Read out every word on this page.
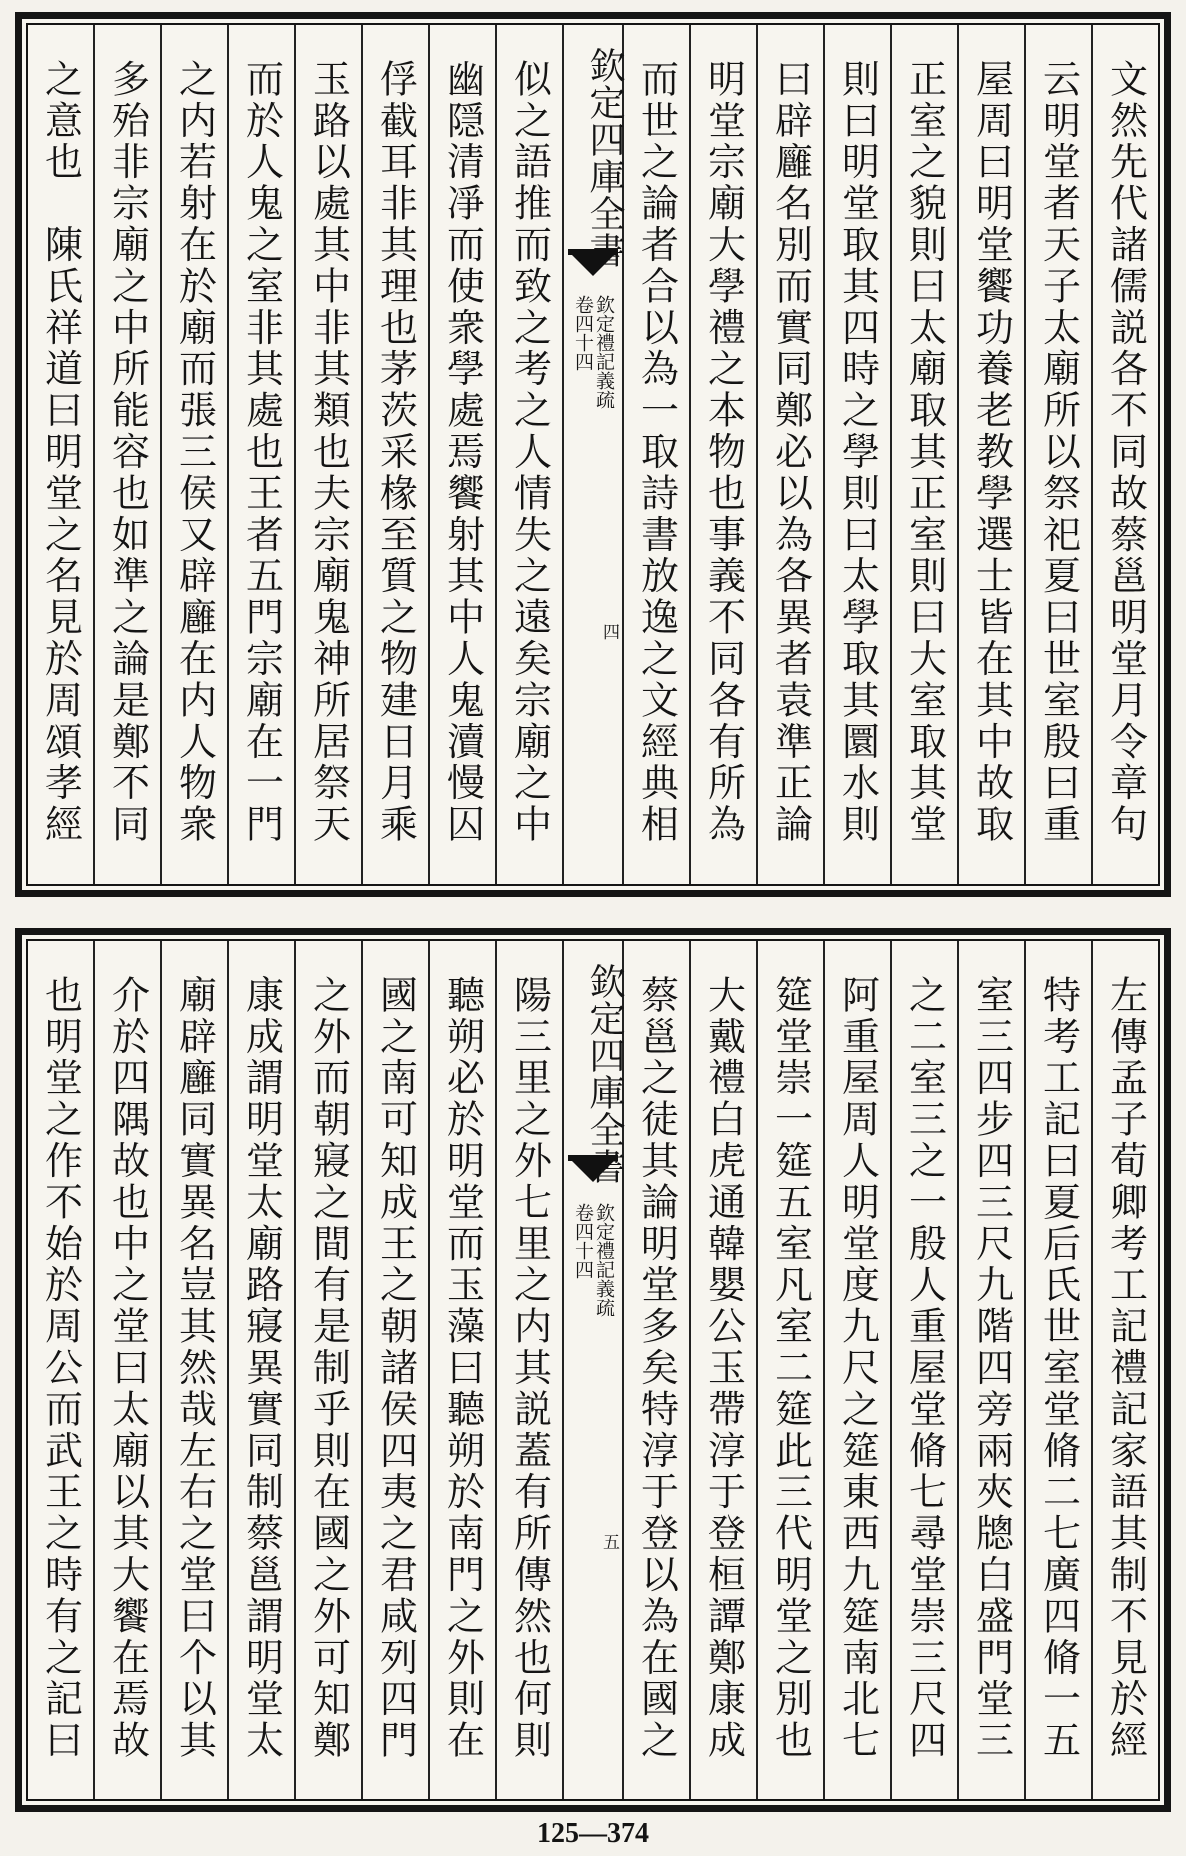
文然先代諸儒説各不同故蔡邕明堂月令章句
云明堂者天子太廟所以祭祀夏曰世室殷曰重
屋周曰明堂饗功養老教學選士皆在其中故取
正室之貌則曰太廟取其正室則曰大室取其堂
則曰明堂取其四時之學則曰太學取其圜水則
曰辟廱名別而實同鄭必以為各異者袁準正論
明堂宗廟大學禮之本物也事義不同各有所為
而世之論者合以為一取詩書放逸之文經典相
欽定四庫全書
欽定禮記義疏
卷四十四
四
似之語推而致之考之人情失之遠矣宗廟之中
幽隠清凈而使衆學處焉饗射其中人鬼瀆慢囚
俘截耳非其理也茅茨采椽至質之物建日月乘
玉路以處其中非其類也夫宗廟鬼神所居祭天
而於人鬼之室非其處也王者五門宗廟在一門
之内若射在於廟而張三侯又辟廱在内人物衆
多殆非宗廟之中所能容也如準之論是鄭不同
之意也　陳氏祥道曰明堂之名見於周頌孝經
左傳孟子荀卿考工記禮記家語其制不見於經
特考工記曰夏后氏世室堂脩二七廣四脩一五
室三四步四三尺九階四旁兩夾牕白盛門堂三
之二室三之一殷人重屋堂脩七尋堂崇三尺四
阿重屋周人明堂度九尺之筵東西九筵南北七
筵堂崇一筵五室凡室二筵此三代明堂之別也
大戴禮白虎通韓嬰公玉帶淳于登桓譚鄭康成
蔡邕之徒其論明堂多矣特淳于登以為在國之
欽定四庫全書
欽定禮記義疏
卷四十四
五
陽三里之外七里之内其説蓋有所傳然也何則
聽朔必於明堂而玉藻曰聽朔於南門之外則在
國之南可知成王之朝諸侯四夷之君咸列四門
之外而朝寢之間有是制乎則在國之外可知鄭
康成謂明堂太廟路寢異實同制蔡邕謂明堂太
廟辟廱同實異名豈其然哉左右之堂曰个以其
介於四隅故也中之堂曰太廟以其大饗在焉故
也明堂之作不始於周公而武王之時有之記曰
125—374
